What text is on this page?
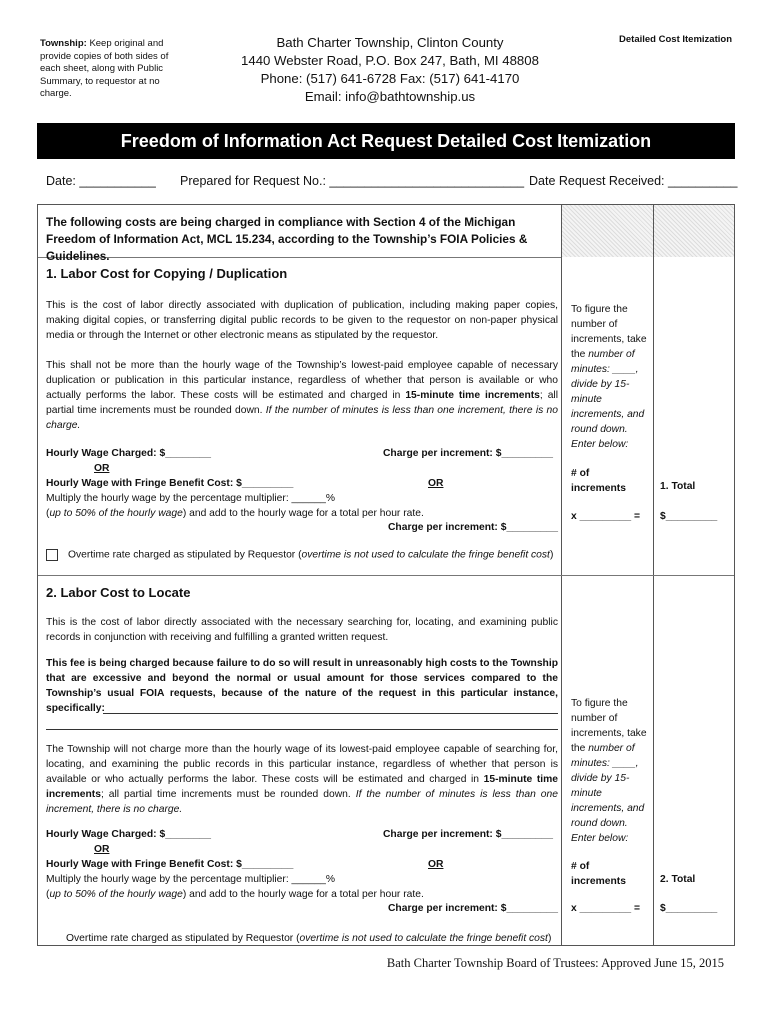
Township: Keep original and provide copies of both sides of each sheet, along with Public Summary, to requestor at no charge.
Bath Charter Township, Clinton County
1440 Webster Road, P.O. Box 247, Bath, MI 48808
Phone: (517) 641-6728 Fax: (517) 641-4170
Email: info@bathtownship.us
Detailed Cost Itemization
Freedom of Information Act Request Detailed Cost Itemization
Date: ___________ Prepared for Request No.: ____________________________ Date Request Received: __________
The following costs are being charged in compliance with Section 4 of the Michigan Freedom of Information Act, MCL 15.234, according to the Township’s FOIA Policies & Guidelines.
1. Labor Cost for Copying / Duplication
This is the cost of labor directly associated with duplication of publication, including making paper copies, making digital copies, or transferring digital public records to be given to the requestor on non-paper physical media or through the Internet or other electronic means as stipulated by the requestor.
This shall not be more than the hourly wage of the Township’s lowest-paid employee capable of necessary duplication or publication in this particular instance, regardless of whether that person is available or who actually performs the labor. These costs will be estimated and charged in 15-minute time increments; all partial time increments must be rounded down. If the number of minutes is less than one increment, there is no charge.
Hourly Wage Charged: $________	Charge per increment: $_________
OR
Hourly Wage with Fringe Benefit Cost: $_________	OR
Multiply the hourly wage by the percentage multiplier: ______%
(up to 50% of the hourly wage) and add to the hourly wage for a total per hour rate.
Charge per increment: $_________
Overtime rate charged as stipulated by Requestor (overtime is not used to calculate the fringe benefit cost)
To figure the number of increments, take the number of minutes: ____, divide by 15-minute increments, and round down. Enter below:
# of increments	1. Total
x _________ = $_________
2. Labor Cost to Locate
This is the cost of labor directly associated with the necessary searching for, locating, and examining public records in conjunction with receiving and fulfilling a granted written request.
This fee is being charged because failure to do so will result in unreasonably high costs to the Township that are excessive and beyond the normal or usual amount for those services compared to the Township’s usual FOIA requests, because of the nature of the request in this particular instance, specifically:
The Township will not charge more than the hourly wage of its lowest-paid employee capable of searching for, locating, and examining the public records in this particular instance, regardless of whether that person is available or who actually performs the labor. These costs will be estimated and charged in 15-minute time increments; all partial time increments must be rounded down. If the number of minutes is less than one increment, there is no charge.
Hourly Wage Charged: $________	Charge per increment: $_________
OR
Hourly Wage with Fringe Benefit Cost: $_________	OR
Multiply the hourly wage by the percentage multiplier: ______%
(up to 50% of the hourly wage) and add to the hourly wage for a total per hour rate.
Charge per increment: $_________
Overtime rate charged as stipulated by Requestor (overtime is not used to calculate the fringe benefit cost)
To figure the number of increments, take the number of minutes: ____, divide by 15-minute increments, and round down. Enter below:
# of increments	2. Total
x _________ = $_________
Bath Charter Township Board of Trustees: Approved June 15, 2015
